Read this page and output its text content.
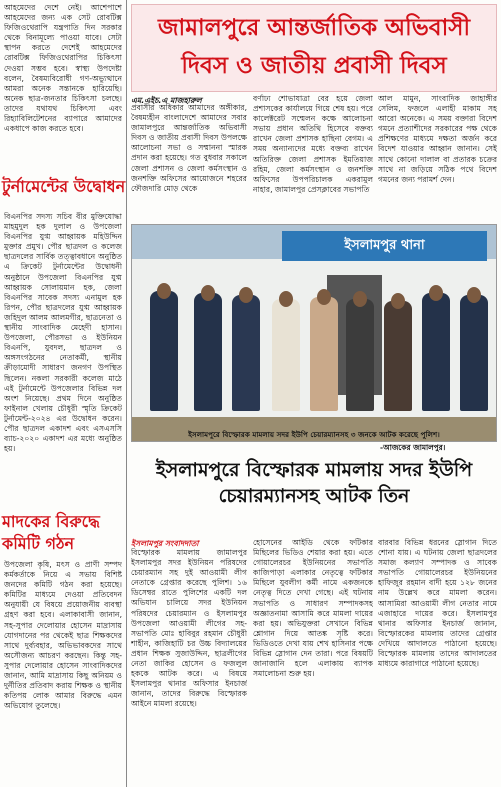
আহমেদের দেশে নেই। আশেপাশে আহমেদের জন্য এক সেট রোবটিক্স ফিজিওথেরাপি যন্ত্রপাতি দিন সরকার থেকে বিনামূল্যে পাওয়া যাবে। সেটা স্থাপন করতে দেশেই আহমেদের রোবটিক্স ফিজিওথেরাপির চিকিৎসা দেওয়া সম্ভব হবে। স্বাস্থ্য উপদেষ্টা বলেন, বৈষম্যবিরোধী গণ-অভ্যুত্থানে আমরা অনেক সন্তানকে হারিয়েছি। অনেক ছাত্র-জনতার চিকিৎসা চলছে। তাদের যথাযথ চিকিৎসা এবং রিহ্যাবিলিটেশনের ব্যাপারে আমাদের একধাপে কাজ করতে হবে।
টুর্নামেন্টের উদ্বোধন
বিএনপির সদস্য সচিব বীর মুক্তিযোদ্ধা মাহমুদুল হক দুলাল ও উপজেলা বিএনপির যুগ্ম আহ্বায়ক মহিউদ্দিন মুক্তার প্রমুখ। পৌর ছাত্রদল ও কলেজ ছাত্রদলের সার্বিক তত্ত্বাবধানে অনুষ্ঠিত এ ক্রিকেট টুর্নামেন্টের উদ্বোধনী অনুষ্ঠানে উপজেলা বিএনপির যুগ্ম আহ্বায়ক সোলায়মান হক, জেলা বিএনপির সাবেক সদস্য এনামুল হক রিপন, পৌর ছাত্রদলের যুগ্ম আহ্বায়ক জহিদুল আলম আলমগীর, ছাত্রনেতা ও স্থানীয় সাংবাদিক মেহেদী হাসান। উপজেলা, পৌরসভা ও ইউনিয়ন বিএনপি, যুবদল, ছাত্রদল ও অঙ্গসংগঠনের নেতাকর্মী, স্থানীয় ক্রীড়ামোদী সাধারণ জনগণ উপস্থিত ছিলেন। নকলা সরকারী কলেজ মাঠে এই টুর্নামেন্টে উপজেলার বিভিন্ন দল অংশ নিয়েছে। প্রথম দিনে অনুষ্ঠিত ফাইনাল খেলায় চৌধুরী স্মৃতি ক্রিকেট টুর্নামেন্ট-২০২৪ এর উদ্বোধন করেন। পৌর ছাত্রদল একাদশ এবং এসএসসি ব্যাচ-২০২০ একাদশ এর মধ্যে অনুষ্ঠিত হয়।
মাদকের বিরুদ্ধে কমিটি গঠন
উপজেলা কৃষি, মৎস ও প্রাণী সম্পদ কর্মকর্তাকে নিয়ে এ সভায় বিশিষ্ট জনদের কমিটি গঠন করা হয়েছে। কমিটির মাধ্যমে দেওয়া প্রতিবেদন অনুযায়ী যে বিষয়ে প্রয়োজনীয় ব্যবস্থা গ্রহণ করা হবে। এলাকাবাসী জানান, সহ-সুপার দেলোয়ার হোসেন মাদ্রাসায় যোগদানের পর থেকেই ছাত্র শিক্ষকদের সাথে দুর্ব্যবহার, অভিভাবকদের সাথে অসৌজন্য আচরণ করছেন। কিন্তু সহ-সুপার দেলোয়ার হোসেন সাংবাদিকদের জানান, আমি মাদ্রাসায় কিছু অনিয়ম ও দুর্নীতির প্রতিবাদ করায় শিক্ষক ও স্থানীয় কতিপয় লোক আমার বিরুদ্ধে এমন অভিযোগ তুলেছে।
জামালপুরে আন্তর্জাতিক অভিবাসী দিবস ও জাতীয় প্রবাসী দিবস
এম.এইচ.এ মাজহারুল
প্রবাসীর অধিকার আমাদের অঙ্গীকার, বৈষম্যহীন বাংলাদেশে আমাদের সবার জামালপুরে আন্তর্জাতিক অভিবাসী দিবস ও জাতীয় প্রবাসী দিবস উপলক্ষে আলোচনা সভা ও সম্মাননা স্মারক প্রদান করা হয়েছে। গত বুধবার সকালে জেলা প্রশাসন ও জেলা কর্মসংস্থান ও জনশক্তি অফিসের আয়োজনে শহরের ফৌজদারি মোড় থেকে
বর্ণাঢ্য শোভাযাত্রা বের হয়ে জেলা প্রশাসকের কার্যালয়ে গিয়ে শেষ হয়। পরে কালেক্টরেট সম্মেলন কক্ষে আলোচনা সভায় প্রধান অতিথি হিসেবে বক্তব্য রাখেন জেলা প্রশাসক হাছিনা বেগম। এ সময় অন্যান্যদের মধ্যে বক্তব্য রাখেন অতিরিক্ত জেলা প্রশাসক ইমতিয়াজ রহিম, জেলা কর্মসংস্থান ও জনশক্তি অফিসের উপপরিচালক একরামুল নাহার, জামালপুর প্রেসক্লাবের সভাপতি
আল মামুন, সাংবাদিক জাহাঙ্গীর সেলিম, ফজলে এলাহী মাকাম সহ আরো অনেকে। এ সময় বক্তারা বিদেশ গমনে প্রত্যাশীদের সরকারের পক্ষ থেকে প্রশিক্ষণের মাধ্যমে দক্ষতা অর্জন করে বিদেশ যাওয়ার আহ্বান জানান। সেই সাথে কোনো দালাল বা প্রতারক চক্রের সাথে না জড়িয়ে সঠিক পথে বিদেশ গমনের জন্য পরামর্শ দেন।
ইসলামপুর থানা
ইসলামপুরে বিস্ফোরক মামলায় সদর ইউপি চেয়ারম্যানসহ ৩ জনকে আটক করেছে পুলিশ।
-আজকের জামালপুর।
ইসলামপুরে বিস্ফোরক মামলায় সদর ইউপি চেয়ারম্যানসহ আটক তিন
ইসলামপুর সংবাদদাতা
বিস্ফোরক মামলায় জামালপুর ইসলামপুর সদর ইউনিয়ন পরিষদের চেয়ারম্যান সহ দুই আওয়ামী লীগ নেতাকে গ্রেপ্তার করেছে পুলিশ। ১৬ ডিসেম্বর রাতে পুলিশের একটি দল অভিযান চালিয়ে সদর ইউনিয়ন পরিষদের চেয়ারম্যান ও ইসলামপুর উপজেলা আওয়ামী লীগের সহ-সভাপতি মোঃ হাবিবুর রহমান চৌধুরী শাহীন, কাজিহাটি চর উচ্চ বিদ্যালয়ের প্রধান শিক্ষক সুজাউদ্দিন, ছাত্রলীগের নেতা জাকির হোসেন ও ফজলুল হককে আটক করে। এ বিষয়ে ইসলামপুর থানার অফিসার ইনচার্জ জানান, তাদের বিরুদ্ধে বিস্ফোরক আইনে মামলা রয়েছে।
হোসেনের আইডি থেকে ফটিকার মিছিলের ভিডিও শেয়ার করা হয়। এতে গোয়ালেরচর ইউনিয়নের সভাপতি কাজিপাড়া এলাকার নেতৃত্বে ফটিকার মিছিলে যুবলীগ কর্মী নামে একজনকে নেতৃত্ব দিতে দেখা গেছে। এই ঘটনায় সভাপতি ও সাধারণ সম্পাদকসহ অজ্ঞাতনামা আসামি করে মামলা দায়ের করা হয়। অভিযুক্তরা সেখানে বিভিন্ন শ্লোগান দিয়ে আতঙ্ক সৃষ্টি করে। ভিডিওতে দেখা যায় শেখ হাসিনার পক্ষে বিভিন্ন স্লোগান দেন তারা। পরে বিষয়টি জানাজানি হলে এলাকায় ব্যাপক সমালোচনা শুরু হয়।
বারবার বিভিন্ন ধরনের স্লোগান দিতে শোনা যায়। এ ঘটনায় জেলা ছাত্রদলের সমাজ কল্যাণ সম্পাদক ও সাবেক সভাপতি গোয়ালেরচর ইউনিয়নের হাফিজুর রহমান বাদী হয়ে ১২৮ জনের নাম উল্লেখ করে মামলা করেন। আসামিরা আওয়ামী লীগ নেতার নামে এজাহারে দায়ের করে। ইসলামপুর থানার অফিসার ইনচার্জ জানান, বিস্ফোরকের মামলায় তাদের গ্রেপ্তার দেখিয়ে আদালতে পাঠানো হয়েছে। বিস্ফোরক মামলায় তাদের আদালতের মাধ্যমে কারাগারে পাঠানো হয়েছে।
